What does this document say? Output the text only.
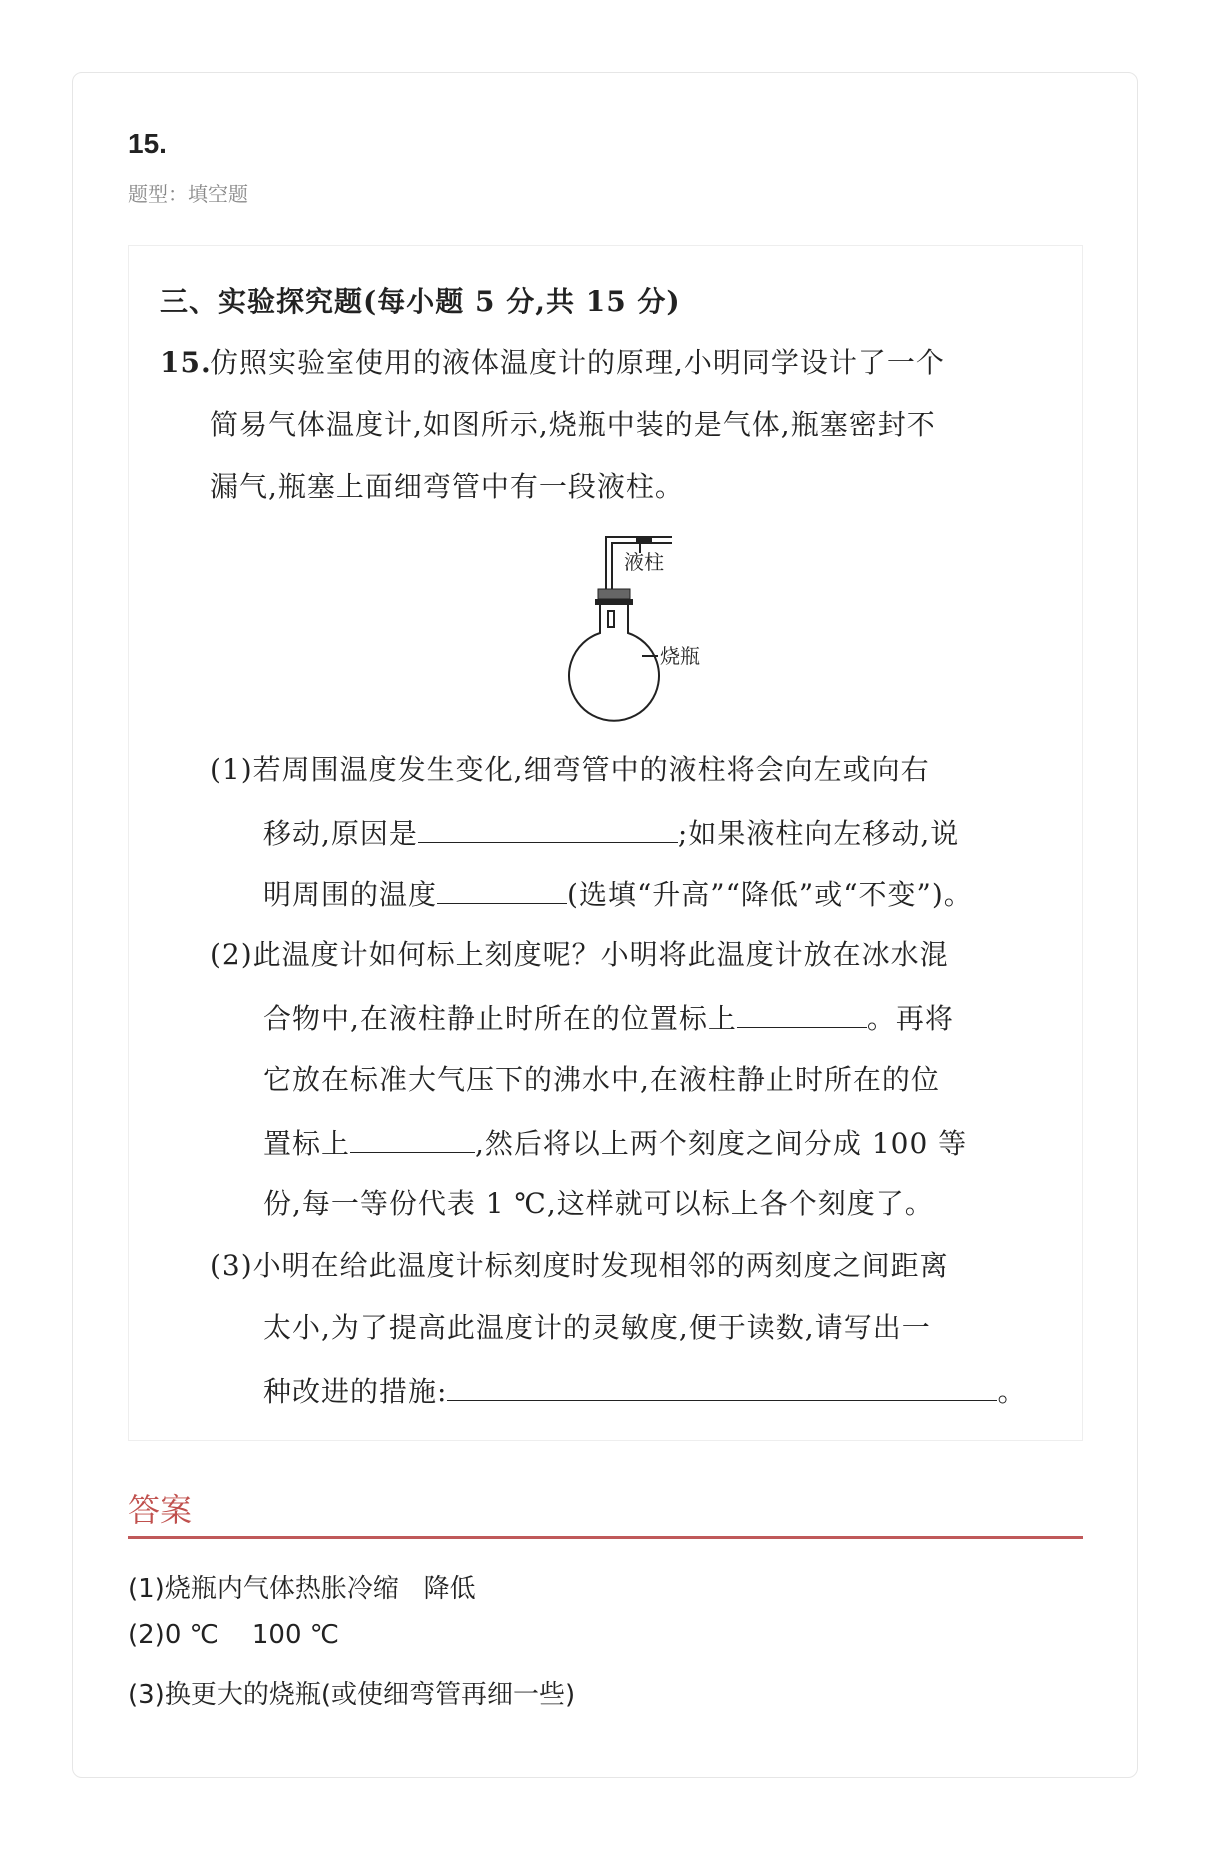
15.
题型：填空题
三、实验探究题(每小题 5 分,共 15 分)
15.
仿照实验室使用的液体温度计的原理,小明同学设计了一个
简易气体温度计,如图所示,烧瓶中装的是气体,瓶塞密封不
漏气,瓶塞上面细弯管中有一段液柱。
液柱
烧瓶
(1)若周围温度发生变化,细弯管中的液柱将会向左或向右
移动,原因是	;如果液柱向左移动,说
明周围的温度	(选填“升高”“降低”或“不变”)。
(2)此温度计如何标上刻度呢？小明将此温度计放在冰水混
合物中,在液柱静止时所在的位置标上	。再将
它放在标准大气压下的沸水中,在液柱静止时所在的位
置标上	,然后将以上两个刻度之间分成 100 等
份,每一等份代表 1 ℃,这样就可以标上各个刻度了。
(3)小明在给此温度计标刻度时发现相邻的两刻度之间距离
太小,为了提高此温度计的灵敏度,便于读数,请写出一
种改进的措施:	。
答案
(1)烧瓶内气体热胀冷缩   降低
(2)0 ℃    100 ℃
(3)换更大的烧瓶(或使细弯管再细一些)
